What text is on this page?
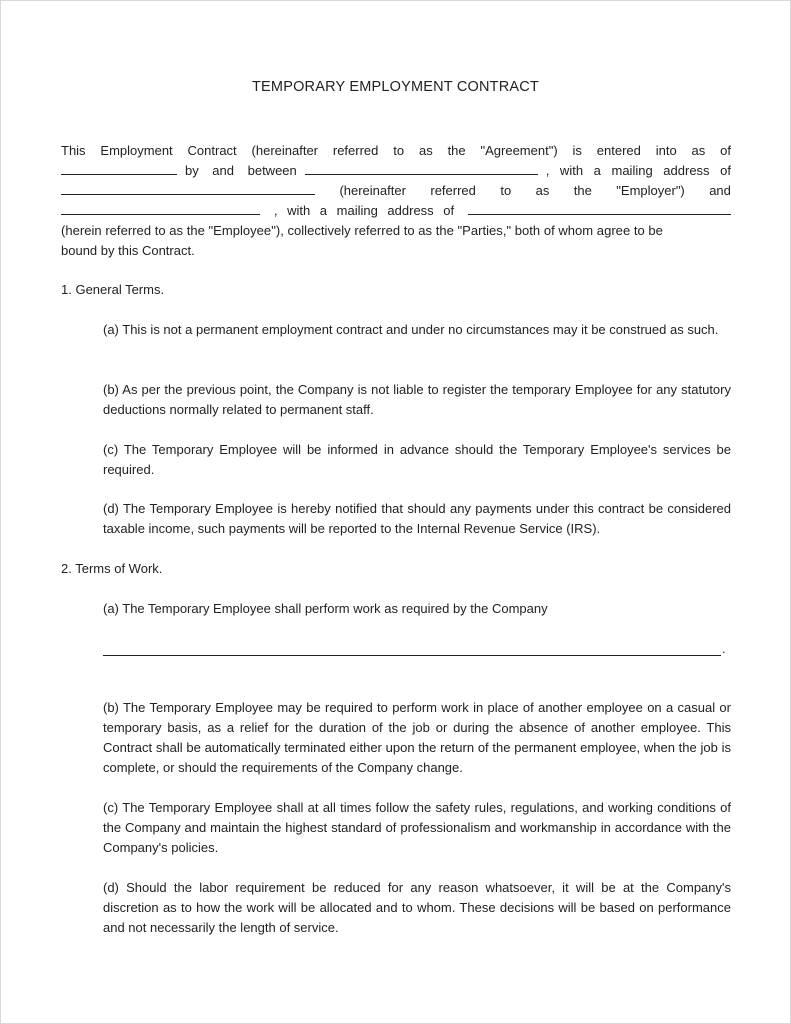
TEMPORARY EMPLOYMENT CONTRACT
This Employment Contract (hereinafter referred to as the "Agreement") is entered into as of
by and between	, with a mailing address of
(hereinafter referred to as the "Employer") and
, with a mailing address of
(herein referred to as the "Employee"), collectively referred to as the "Parties," both of whom agree to be
bound by this Contract.
1. General Terms.
(a) This is not a permanent employment contract and under no circumstances may it be construed as such.
(b) As per the previous point, the Company is not liable to register the temporary Employee for any statutory deductions normally related to permanent staff.
(c) The Temporary Employee will be informed in advance should the Temporary Employee's services be required.
(d) The Temporary Employee is hereby notified that should any payments under this contract be considered taxable income, such payments will be reported to the Internal Revenue Service (IRS).
2. Terms of Work.
(a) The Temporary Employee shall perform work as required by the Company
.
(b) The Temporary Employee may be required to perform work in place of another employee on a casual or temporary basis, as a relief for the duration of the job or during the absence of another employee. This Contract shall be automatically terminated either upon the return of the permanent employee, when the job is complete, or should the requirements of the Company change.
(c) The Temporary Employee shall at all times follow the safety rules, regulations, and working conditions of the Company and maintain the highest standard of professionalism and workmanship in accordance with the Company's policies.
(d) Should the labor requirement be reduced for any reason whatsoever, it will be at the Company's discretion as to how the work will be allocated and to whom. These decisions will be based on performance and not necessarily the length of service.
